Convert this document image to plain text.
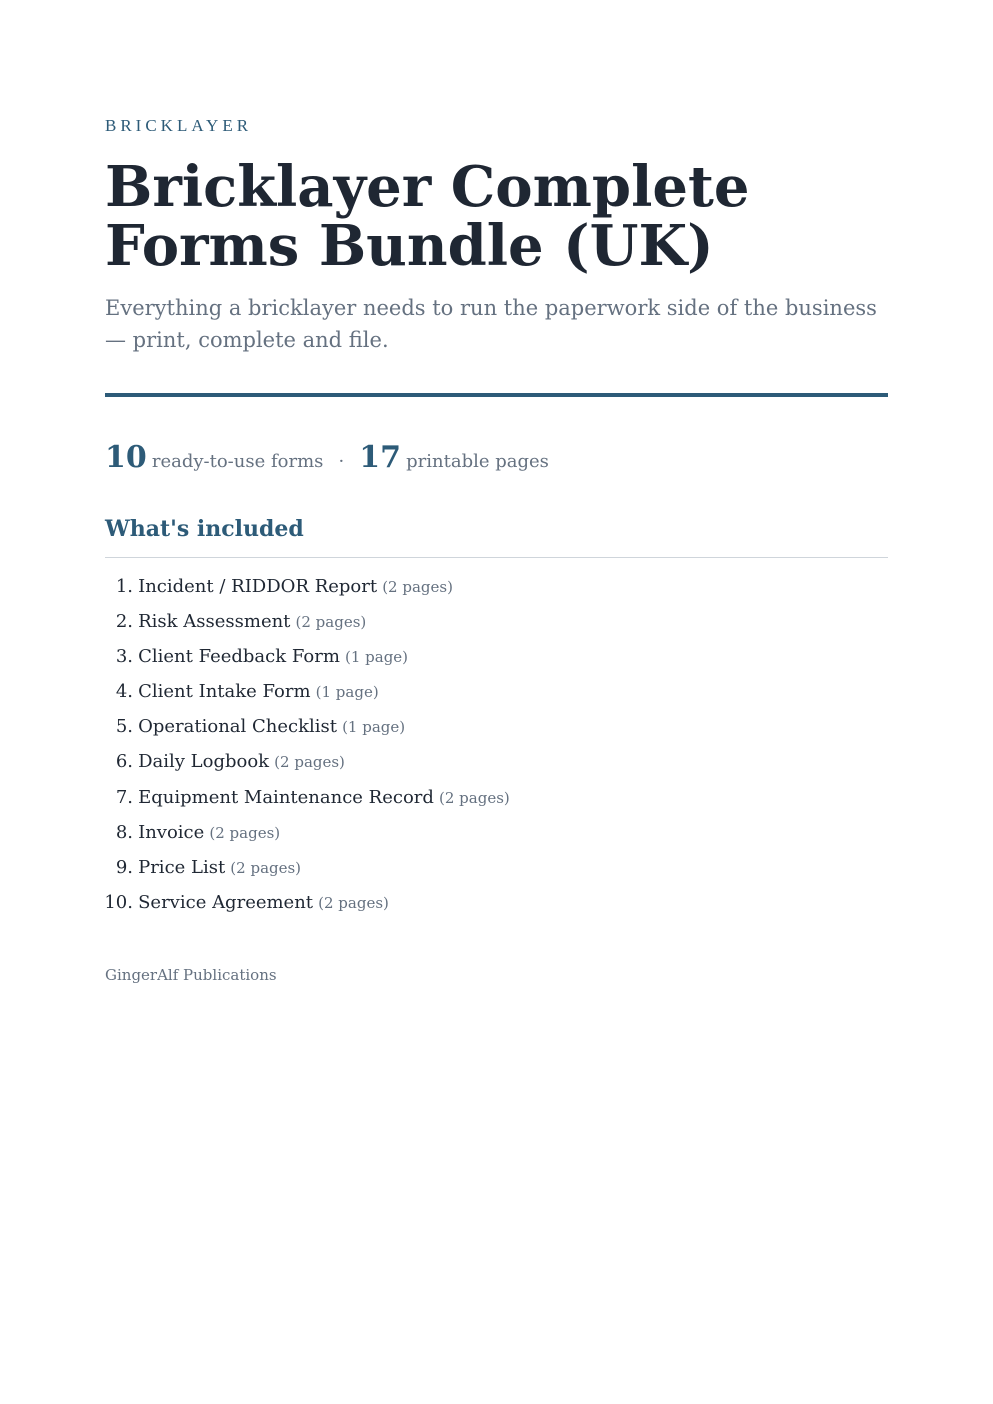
BRICKLAYER
Bricklayer Complete Forms Bundle (UK)

Everything a bricklayer needs to run the paperwork side of the business — print, complete and file.

10 ready-to-use forms · 17 printable pages
What's included
1. Incident / RIDDOR Report (2 pages)
2. Risk Assessment (2 pages)
3. Client Feedback Form (1 page)
4. Client Intake Form (1 page)
5. Operational Checklist (1 page)
6. Daily Logbook (2 pages)
7. Equipment Maintenance Record (2 pages)
8. Invoice (2 pages)
9. Price List (2 pages)
10. Service Agreement (2 pages)
GingerAlf Publications
